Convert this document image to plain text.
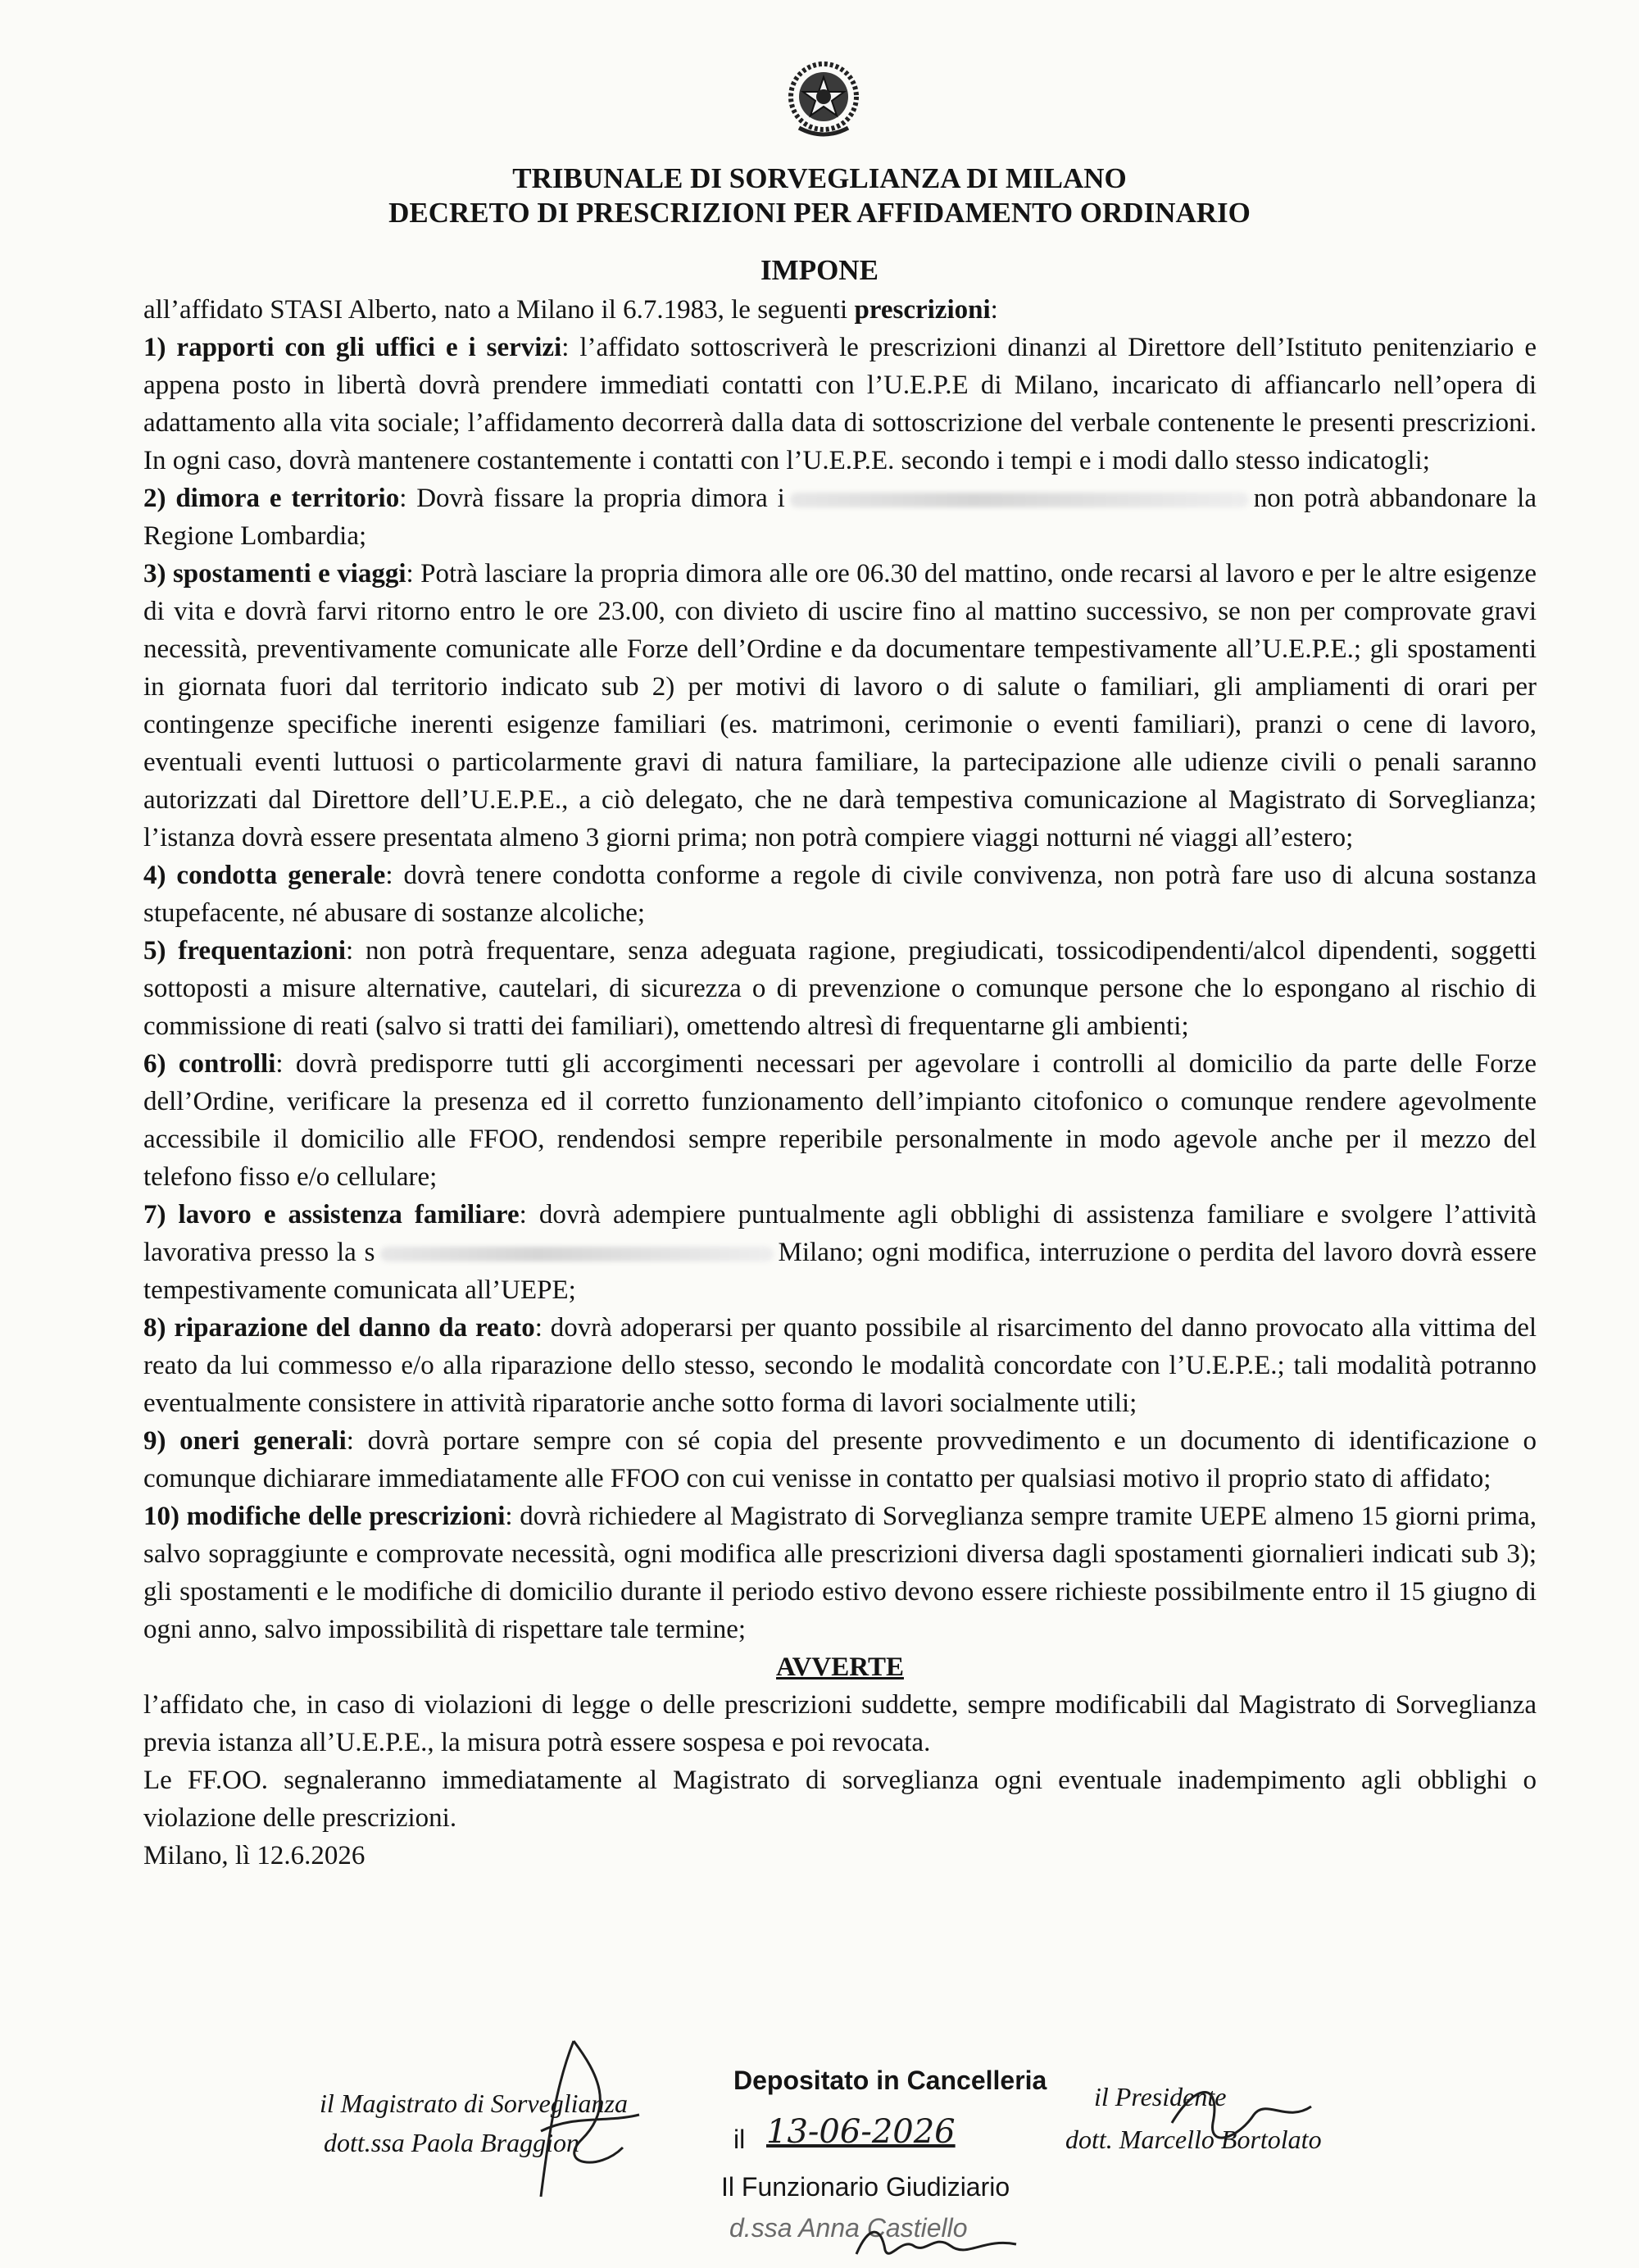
TRIBUNALE DI SORVEGLIANZA DI MILANO
DECRETO DI PRESCRIZIONI PER AFFIDAMENTO ORDINARIO
IMPONE

all’affidato STASI Alberto, nato a Milano il 6.7.1983, le seguenti prescrizioni:

1) rapporti con gli uffici e i servizi: l’affidato sottoscriverà le prescrizioni dinanzi al Direttore dell’Istituto penitenziario e appena posto in libertà dovrà prendere immediati contatti con l’U.E.P.E di Milano, incaricato di affiancarlo nell’opera di adattamento alla vita sociale; l’affidamento decorrerà dalla data di sottoscrizione del verbale contenente le presenti prescrizioni. In ogni caso, dovrà mantenere costantemente i contatti con l’U.E.P.E. secondo i tempi e i modi dallo stesso indicatogli;

2) dimora e territorio: Dovrà fissare la propria dimora i	non potrà abbandonare la Regione Lombardia;

3) spostamenti e viaggi: Potrà lasciare la propria dimora alle ore 06.30 del mattino, onde recarsi al lavoro e per le altre esigenze di vita e dovrà farvi ritorno entro le ore 23.00, con divieto di uscire fino al mattino successivo, se non per comprovate gravi necessità, preventivamente comunicate alle Forze dell’Ordine e da documentare tempestivamente all’U.E.P.E.; gli spostamenti in giornata fuori dal territorio indicato sub 2) per motivi di lavoro o di salute o familiari, gli ampliamenti di orari per contingenze specifiche inerenti esigenze familiari (es. matrimoni, cerimonie o eventi familiari), pranzi o cene di lavoro, eventuali eventi luttuosi o particolarmente gravi di natura familiare, la partecipazione alle udienze civili o penali saranno autorizzati dal Direttore dell’U.E.P.E., a ciò delegato, che ne darà tempestiva comunicazione al Magistrato di Sorveglianza; l’istanza dovrà essere presentata almeno 3 giorni prima; non potrà compiere viaggi notturni né viaggi all’estero;

4) condotta generale: dovrà tenere condotta conforme a regole di civile convivenza, non potrà fare uso di alcuna sostanza stupefacente, né abusare di sostanze alcoliche;

5) frequentazioni: non potrà frequentare, senza adeguata ragione, pregiudicati, tossicodipendenti/alcol dipendenti, soggetti sottoposti a misure alternative, cautelari, di sicurezza o di prevenzione o comunque persone che lo espongano al rischio di commissione di reati (salvo si tratti dei familiari), omettendo altresì di frequentarne gli ambienti;

6) controlli: dovrà predisporre tutti gli accorgimenti necessari per agevolare i controlli al domicilio da parte delle Forze dell’Ordine, verificare la presenza ed il corretto funzionamento dell’impianto citofonico o comunque rendere agevolmente accessibile il domicilio alle FFOO, rendendosi sempre reperibile personalmente in modo agevole anche per il mezzo del telefono fisso e/o cellulare;

7) lavoro e assistenza familiare: dovrà adempiere puntualmente agli obblighi di assistenza familiare e svolgere l’attività lavorativa presso la s	Milano; ogni modifica, interruzione o perdita del lavoro dovrà essere tempestivamente comunicata all’UEPE;

8) riparazione del danno da reato: dovrà adoperarsi per quanto possibile al risarcimento del danno provocato alla vittima del reato da lui commesso e/o alla riparazione dello stesso, secondo le modalità concordate con l’U.E.P.E.; tali modalità potranno eventualmente consistere in attività riparatorie anche sotto forma di lavori socialmente utili;

9) oneri generali: dovrà portare sempre con sé copia del presente provvedimento e un documento di identificazione o comunque dichiarare immediatamente alle FFOO con cui venisse in contatto per qualsiasi motivo il proprio stato di affidato;

10) modifiche delle prescrizioni: dovrà richiedere al Magistrato di Sorveglianza sempre tramite UEPE almeno 15 giorni prima, salvo sopraggiunte e comprovate necessità, ogni modifica alle prescrizioni diversa dagli spostamenti giornalieri indicati sub 3); gli spostamenti e le modifiche di domicilio durante il periodo estivo devono essere richieste possibilmente entro il 15 giugno di ogni anno, salvo impossibilità di rispettare tale termine;

AVVERTE

l’affidato che, in caso di violazioni di legge o delle prescrizioni suddette, sempre modificabili dal Magistrato di Sorveglianza previa istanza all’U.E.P.E., la misura potrà essere sospesa e poi revocata.

Le FF.OO. segnaleranno immediatamente al Magistrato di sorveglianza ogni eventuale inadempimento agli obblighi o violazione delle prescrizioni.

Milano, lì 12.6.2026

il Magistrato di Sorveglianza
dott.ssa Paola Braggion
Depositato in Cancelleria
il 13-06-2026
Il Funzionario Giudiziario
d.ssa Anna Castiello
il Presidente
dott. Marcello Bortolato
